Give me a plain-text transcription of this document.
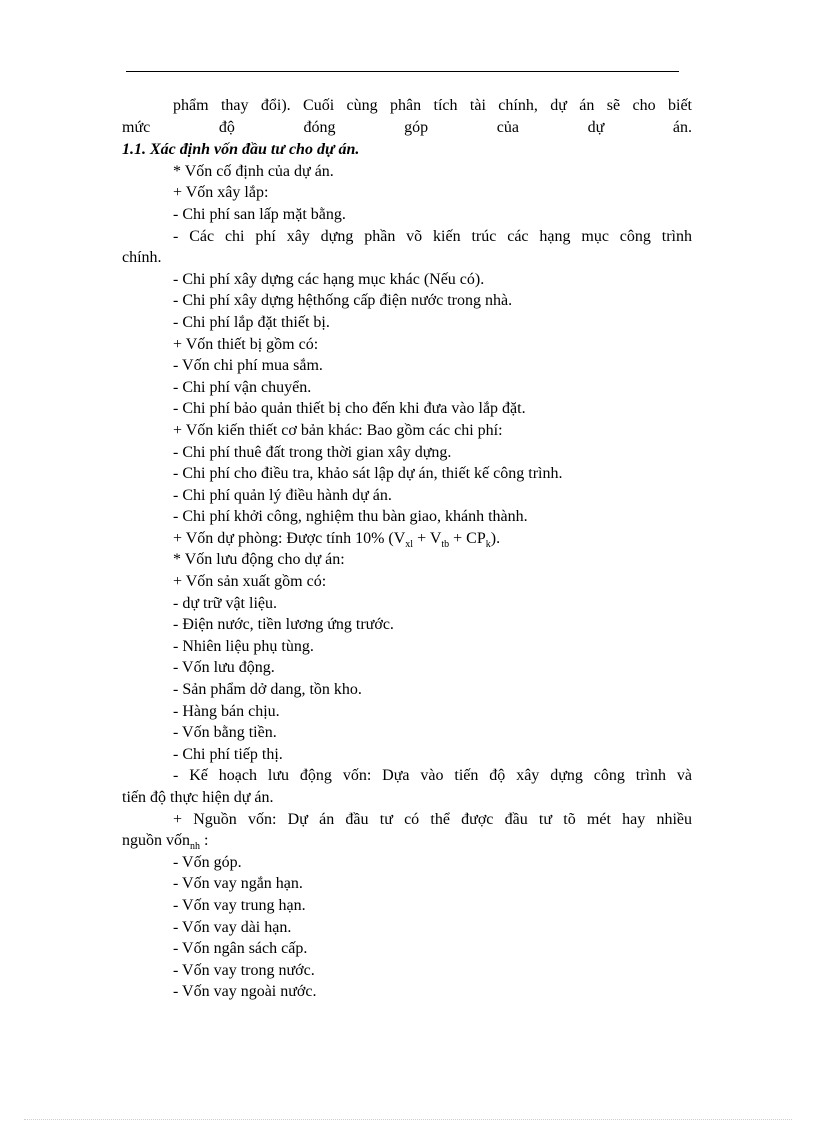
phẩm thay đổi). Cuối cùng phân tích tài chính, dự án sẽ cho biết
mức độ đóng góp của dự án.
1.1. Xác định vốn đầu tư cho dự án.
* Vốn cố định của dự án.
+ Vốn xây lắp:
- Chi phí san lấp mặt bằng.
- Các chi phí xây dựng phần võ kiến trúc các hạng mục công trình
chính.
- Chi phí xây dựng các hạng mục khác (Nếu có).
- Chi phí xây dựng hệthống cấp điện nước trong nhà.
- Chi phí lắp đặt thiết bị.
+ Vốn thiết bị gồm có:
- Vốn chi phí mua sắm.
- Chi phí vận chuyển.
- Chi phí bảo quản thiết bị cho đến khi đưa vào lắp đặt.
+ Vốn kiến thiết cơ bản khác: Bao gồm các chi phí:
- Chi phí thuê đất trong thời gian xây dựng.
- Chi phí cho điều tra, khảo sát lập dự án, thiết kế công trình.
- Chi phí quản lý điều hành dự án.
- Chi phí khởi công, nghiệm thu bàn giao, khánh thành.
+ Vốn dự phòng: Được tính 10% $(V_{xl} + V_{tb} + CP_k)$.
* Vốn lưu động cho dự án:
+ Vốn sản xuất gồm có:
- dự trữ vật liệu.
- Điện nước, tiền lương ứng trước.
- Nhiên liệu phụ tùng.
- Vốn lưu động.
- Sản phẩm dở dang, tồn kho.
- Hàng bán chịu.
- Vốn bằng tiền.
- Chi phí tiếp thị.
- Kế hoạch lưu động vốn: Dựa vào tiến độ xây dựng công trình và
tiến độ thực hiện dự án.
+ Nguồn vốn: Dự án đầu tư có thể được đầu tư tõ mét hay nhiều
nguồn vốn$_{nh}$ :
- Vốn góp.
- Vốn vay ngắn hạn.
- Vốn vay trung hạn.
- Vốn vay dài hạn.
- Vốn ngân sách cấp.
- Vốn vay trong nước.
- Vốn vay ngoài nước.
